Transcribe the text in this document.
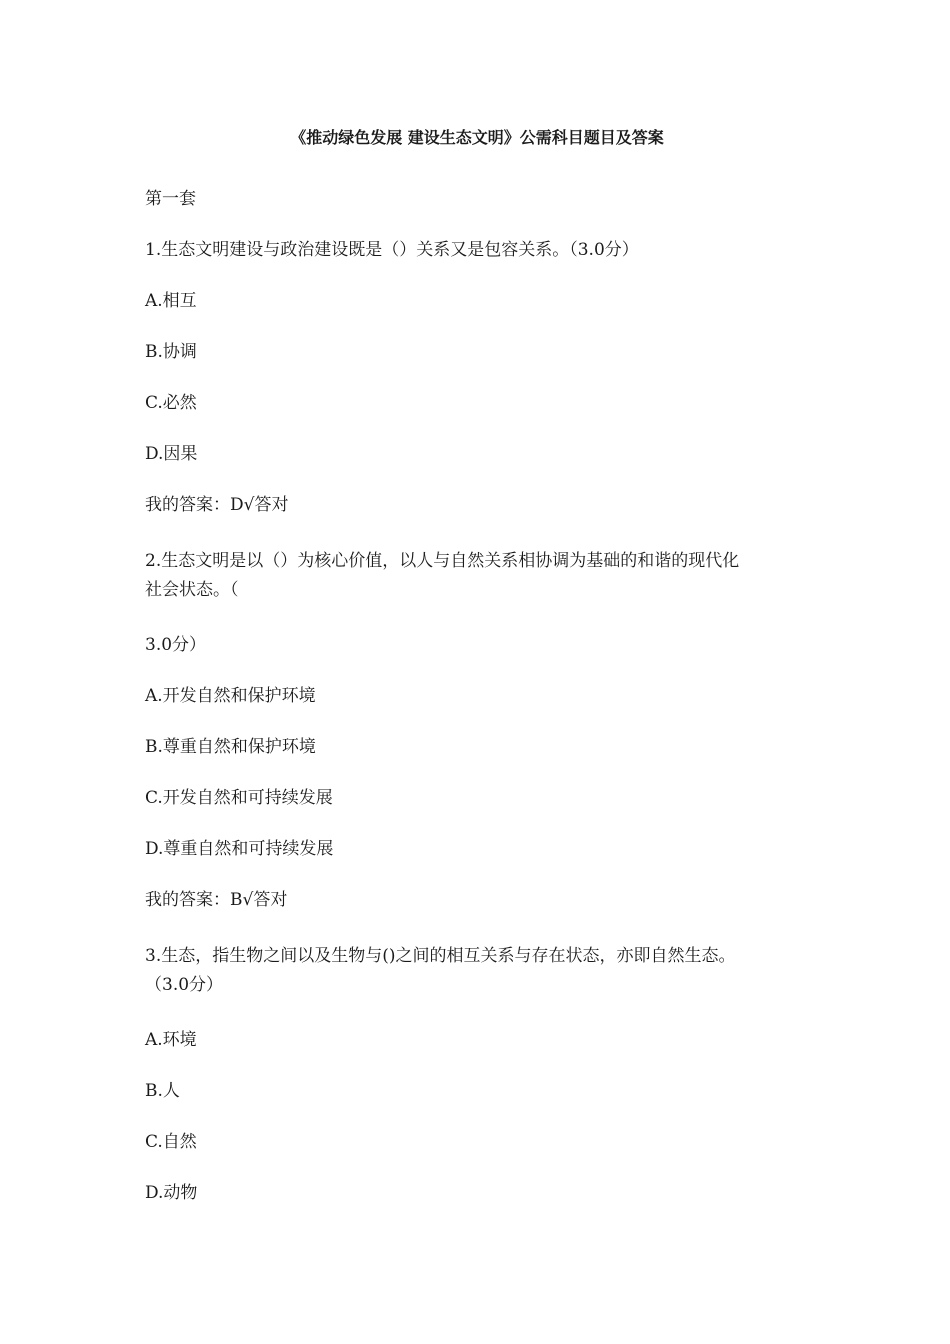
《推动绿色发展 建设生态文明》公需科目题目及答案
第一套
1.生态文明建设与政治建设既是（）关系又是包容关系。（3.0分）
A.相互
B.协调
C.必然
D.因果
我的答案：D√答对
2.生态文明是以（）为核心价值，以人与自然关系相协调为基础的和谐的现代化
社会状态。（
3.0分）
A.开发自然和保护环境
B.尊重自然和保护环境
C.开发自然和可持续发展
D.尊重自然和可持续发展
我的答案：B√答对
3.生态，指生物之间以及生物与()之间的相互关系与存在状态，亦即自然生态。
（3.0分）
A.环境
B.人
C.自然
D.动物
